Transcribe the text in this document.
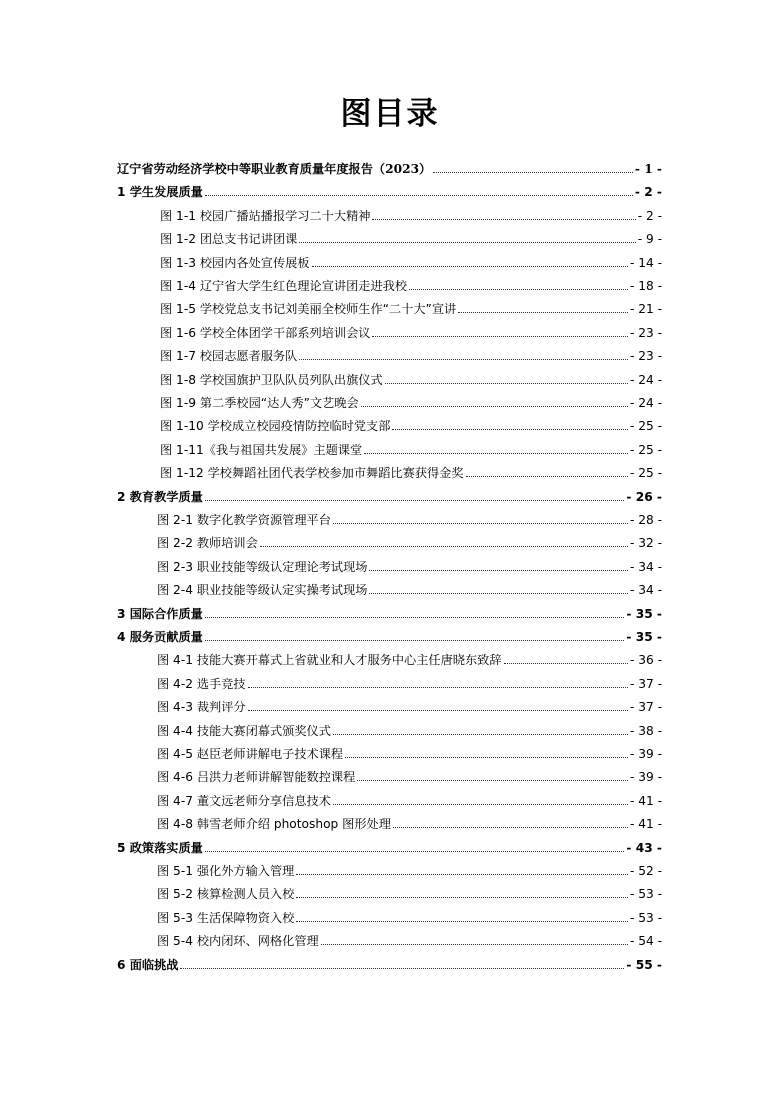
图目录
辽宁省劳动经济学校中等职业教育质量年度报告（2023）	- 1 -
1 学生发展质量	- 2 -
图 1-1 校园广播站播报学习二十大精神	- 2 -
图 1-2 团总支书记讲团课	- 9 -
图 1-3 校园内各处宣传展板	- 14 -
图 1-4 辽宁省大学生红色理论宣讲团走进我校	- 18 -
图 1-5 学校党总支书记刘美丽全校师生作“二十大”宣讲	- 21 -
图 1-6 学校全体团学干部系列培训会议	- 23 -
图 1-7 校园志愿者服务队	- 23 -
图 1-8 学校国旗护卫队队员列队出旗仪式	- 24 -
图 1-9 第二季校园“达人秀”文艺晚会	- 24 -
图 1-10 学校成立校园疫情防控临时党支部	- 25 -
图 1-11《我与祖国共发展》主题课堂	- 25 -
图 1-12 学校舞蹈社团代表学校参加市舞蹈比赛获得金奖	- 25 -
2 教育教学质量	- 26 -
图 2-1 数字化教学资源管理平台	- 28 -
图 2-2 教师培训会	- 32 -
图 2-3 职业技能等级认定理论考试现场	- 34 -
图 2-4 职业技能等级认定实操考试现场	- 34 -
3 国际合作质量	- 35 -
4 服务贡献质量	- 35 -
图 4-1 技能大赛开幕式上省就业和人才服务中心主任唐晓东致辞	- 36 -
图 4-2 选手竞技	- 37 -
图 4-3 裁判评分	- 37 -
图 4-4 技能大赛闭幕式颁奖仪式	- 38 -
图 4-5 赵臣老师讲解电子技术课程	- 39 -
图 4-6 吕洪力老师讲解智能数控课程	- 39 -
图 4-7 董文远老师分享信息技术	- 41 -
图 4-8 韩雪老师介绍 photoshop 图形处理	- 41 -
5 政策落实质量	- 43 -
图 5-1 强化外方输入管理	- 52 -
图 5-2 核算检测人员入校	- 53 -
图 5-3 生活保障物资入校	- 53 -
图 5-4 校内闭环、网格化管理	- 54 -
6 面临挑战	- 55 -
